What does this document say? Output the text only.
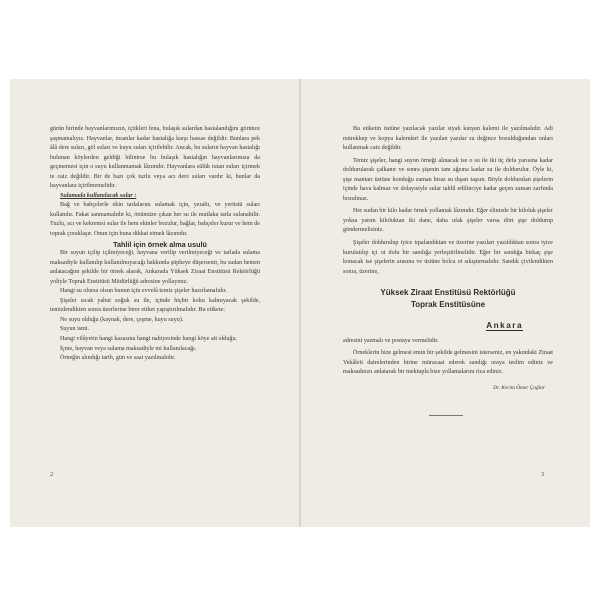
gürün birinde hayvanlarımızın, içtikleri fena, bulaşık sulardan hastalandığını görünce şaşmamalıyız. Hayvanlar, insanlar kadar hastalığa karşı hassas değildir. Bunlara pek âlâ dere suları, göl suları ve kuyu suları içirilebilir. Ancak, bu suların hayvan hastalığı bulunan köylerden geldiği bilinirse bu bulaşık hastalığın hayvanlarımıza da geçmemesi için o suyu kullanmamak lâzımdır. Hayvanlara sülük tutan suları içirmek te caiz değildir. Bir de bazı çok tuzlu veya acı dere suları vardır ki, bunlar da hayvanlara içirilmemelidir.

Sulamada kullanılacak sular :

Bağ ve bahçelerle ekin tarlalarını sulamak için, yeraltı, ve yerüstü suları kullanılır. Fakat sanmamalıdır ki, önümüze çıkan her su ile mutlaka tarla sulanabilir. Tuzlu, acı ve kekremsi sular ile hem ekinler bozulur, bağlar, bahçeler kurur ve hem de toprak çoraklaşır. Onun için buna dikkat etmek lâzımdır.

Tahlil için örnek alma usulü

Bir suyun içilip içilmiyeceği, hayvana verilip verilmiyeceği ve tarlada sulama maksadiyle kullanılıp kullanılmıyacağı hakkında şüpheye düşersenir, bu sudan hemen anlatacağım şekilde bir örnek alarak, Ankarada Yüksek Ziraat Enstitüsü Rektörlüğü yoliyle Toprak Enstitüsü Müdürlüğü adresine yollayınız.

Hangi su olursa olsun bunun için evvelâ temiz şişeler hazırlamalıdır.

Şişeler sıcak yahut soğuk su ile, içinde hiçbir koku kalmıyacak şekilde, temizlendikten sonra üzerlerine birer etiket yapıştırılmalıdır. Bu etikete:

Ne suyu olduğu (kaynak, dere, çeşme, kuyu suyu).

Suyun ismi.

Hangi vilâyetin hangi kazasına hangi nahiyesinde hangi köye ait olduğu.

İçme, hayvan veya sulama maksadiyle mi kullanılacağı.

Örneğin alındığı tarih, gün ve saat yazılmalıdır.

2

Bu etiketin üstüne yazılacak yazılar siyah kurşun kalemi ile yazılmalıdır. Adi mürekkep ve kopya kalemleri ile yazılan yazılar su değince bozulduğundan onları kullanmak caiz değildir.

Temiz şişeler, hangi suyun örneği alınacak ise o su ile iki üç defa yarısına kadar doldurularak çalkanır ve sonra şişenin tam ağzına kadar su ile doldurulur. Öyle ki, şişe mantarı üstüne konduğu zaman biraz su dışarı taşsın. Böyle doldurulan şişelerin içinde hava kalmaz ve dolayısiyle sular tahlil edilinciye kadar geçen zaman zarfında bozulmaz.

Her sudan bir kilo kadar örnek yollamak lâzımdır. Eğer elinizde bir kiloluk şişeler yoksa yarım kiloluktan iki dane, daha ufak şişeler varsa dört şişe doldurup göndermelisiniz.

Şişeler doldurulup iyice tıpalandıktan ve üzerine yazıları yazıldıktan sonra iyice kurulatılıp içi ot dolu bir sandığa yerleştirilmelidir. Eğer bir sandığa birkaç şişe konacak ise şişelerin arasına ve üstüne bolca ot sıkıştırmalıdır. Sandık çivilendikten sonra, üzerine,

Yüksek Ziraat Enstitüsü Rektörlüğü
Toprak Enstitüsüne
Ankara

adresini yazmalı ve postaya vermelidir.

Örneklerin bize gelmesi emin bir şekilde gelmesini isterseniz, en yakındaki Ziraat Vekâleti dairelerinden birine müracaat ederek sandığı oraya teslim ediniz ve maksadınızı anlatarak bir mektupla bize yollamalarını rica ediniz.

Dr. Kerim Ömer Çağlar
3
